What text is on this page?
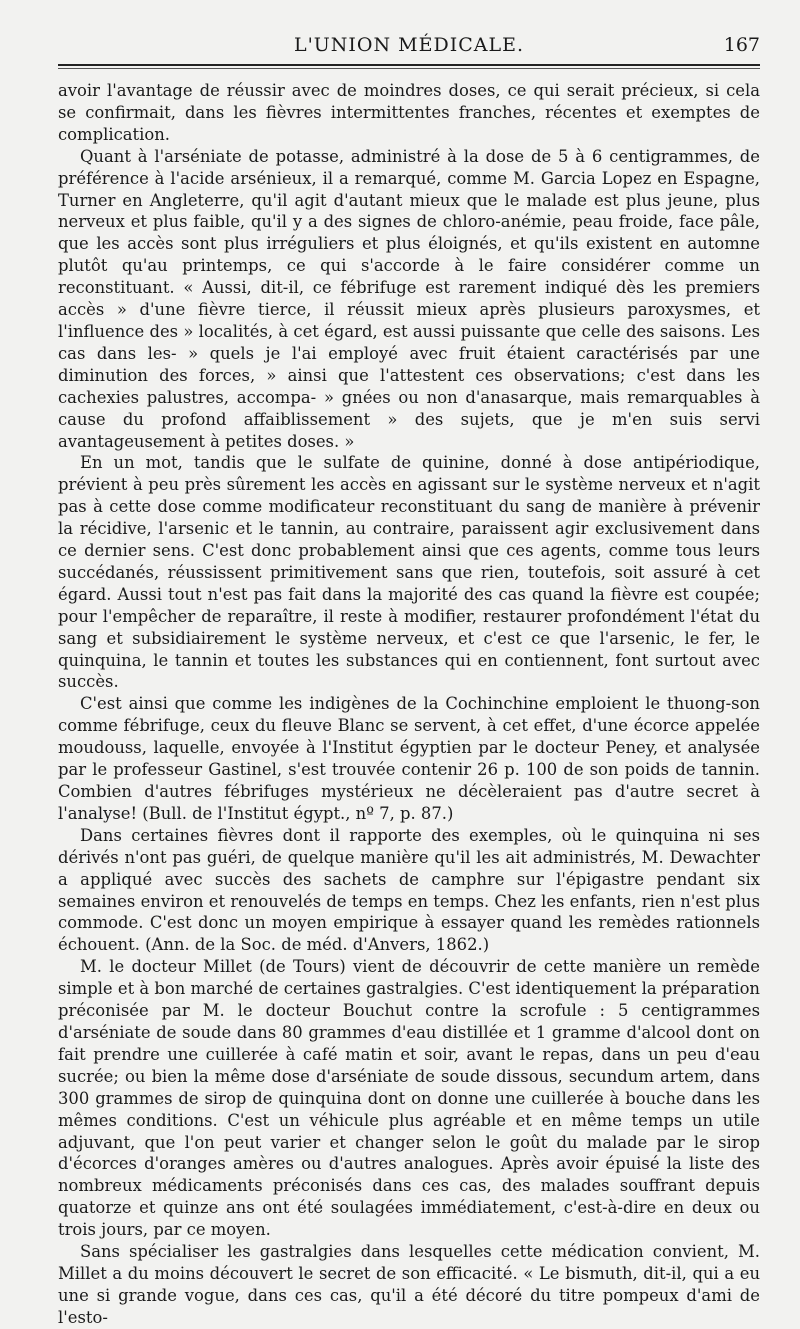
L'UNION MÉDICALE.	167

avoir l'avantage de réussir avec de moindres doses, ce qui serait précieux, si cela se confirmait, dans les fièvres intermittentes franches, récentes et exemptes de complication.

Quant à l'arséniate de potasse, administré à la dose de 5 à 6 centigrammes, de préférence à l'acide arsénieux, il a remarqué, comme M. Garcia Lopez en Espagne, Turner en Angleterre, qu'il agit d'autant mieux que le malade est plus jeune, plus nerveux et plus faible, qu'il y a des signes de chloro-anémie, peau froide, face pâle, que les accès sont plus irréguliers et plus éloignés, et qu'ils existent en automne plutôt qu'au printemps, ce qui s'accorde à le faire considérer comme un reconstituant. « Aussi, dit-il, ce fébrifuge est rarement indiqué dès les premiers accès » d'une fièvre tierce, il réussit mieux après plusieurs paroxysmes, et l'influence des » localités, à cet égard, est aussi puissante que celle des saisons. Les cas dans les- » quels je l'ai employé avec fruit étaient caractérisés par une diminution des forces, » ainsi que l'attestent ces observations; c'est dans les cachexies palustres, accompa- » gnées ou non d'anasarque, mais remarquables à cause du profond affaiblissement » des sujets, que je m'en suis servi avantageusement à petites doses. »

En un mot, tandis que le sulfate de quinine, donné à dose antipériodique, prévient à peu près sûrement les accès en agissant sur le système nerveux et n'agit pas à cette dose comme modificateur reconstituant du sang de manière à prévenir la récidive, l'arsenic et le tannin, au contraire, paraissent agir exclusivement dans ce dernier sens. C'est donc probablement ainsi que ces agents, comme tous leurs succédanés, réussissent primitivement sans que rien, toutefois, soit assuré à cet égard. Aussi tout n'est pas fait dans la majorité des cas quand la fièvre est coupée; pour l'empêcher de reparaître, il reste à modifier, restaurer profondément l'état du sang et subsidiairement le système nerveux, et c'est ce que l'arsenic, le fer, le quinquina, le tannin et toutes les substances qui en contiennent, font surtout avec succès.

C'est ainsi que comme les indigènes de la Cochinchine emploient le thuong-son comme fébrifuge, ceux du fleuve Blanc se servent, à cet effet, d'une écorce appelée moudouss, laquelle, envoyée à l'Institut égyptien par le docteur Peney, et analysée par le professeur Gastinel, s'est trouvée contenir 26 p. 100 de son poids de tannin. Combien d'autres fébrifuges mystérieux ne décèleraient pas d'autre secret à l'analyse! (Bull. de l'Institut égypt., nº 7, p. 87.)

Dans certaines fièvres dont il rapporte des exemples, où le quinquina ni ses dérivés n'ont pas guéri, de quelque manière qu'il les ait administrés, M. Dewachter a appliqué avec succès des sachets de camphre sur l'épigastre pendant six semaines environ et renouvelés de temps en temps. Chez les enfants, rien n'est plus commode. C'est donc un moyen empirique à essayer quand les remèdes rationnels échouent. (Ann. de la Soc. de méd. d'Anvers, 1862.)

M. le docteur Millet (de Tours) vient de découvrir de cette manière un remède simple et à bon marché de certaines gastralgies. C'est identiquement la préparation préconisée par M. le docteur Bouchut contre la scrofule : 5 centigrammes d'arséniate de soude dans 80 grammes d'eau distillée et 1 gramme d'alcool dont on fait prendre une cuillerée à café matin et soir, avant le repas, dans un peu d'eau sucrée; ou bien la même dose d'arséniate de soude dissous, secundum artem, dans 300 grammes de sirop de quinquina dont on donne une cuillerée à bouche dans les mêmes conditions. C'est un véhicule plus agréable et en même temps un utile adjuvant, que l'on peut varier et changer selon le goût du malade par le sirop d'écorces d'oranges amères ou d'autres analogues. Après avoir épuisé la liste des nombreux médicaments préconisés dans ces cas, des malades souffrant depuis quatorze et quinze ans ont été soulagées immédiatement, c'est-à-dire en deux ou trois jours, par ce moyen.

Sans spécialiser les gastralgies dans lesquelles cette médication convient, M. Millet a du moins découvert le secret de son efficacité. « Le bismuth, dit-il, qui a eu une si grande vogue, dans ces cas, qu'il a été décoré du titre pompeux d'ami de l'esto-
